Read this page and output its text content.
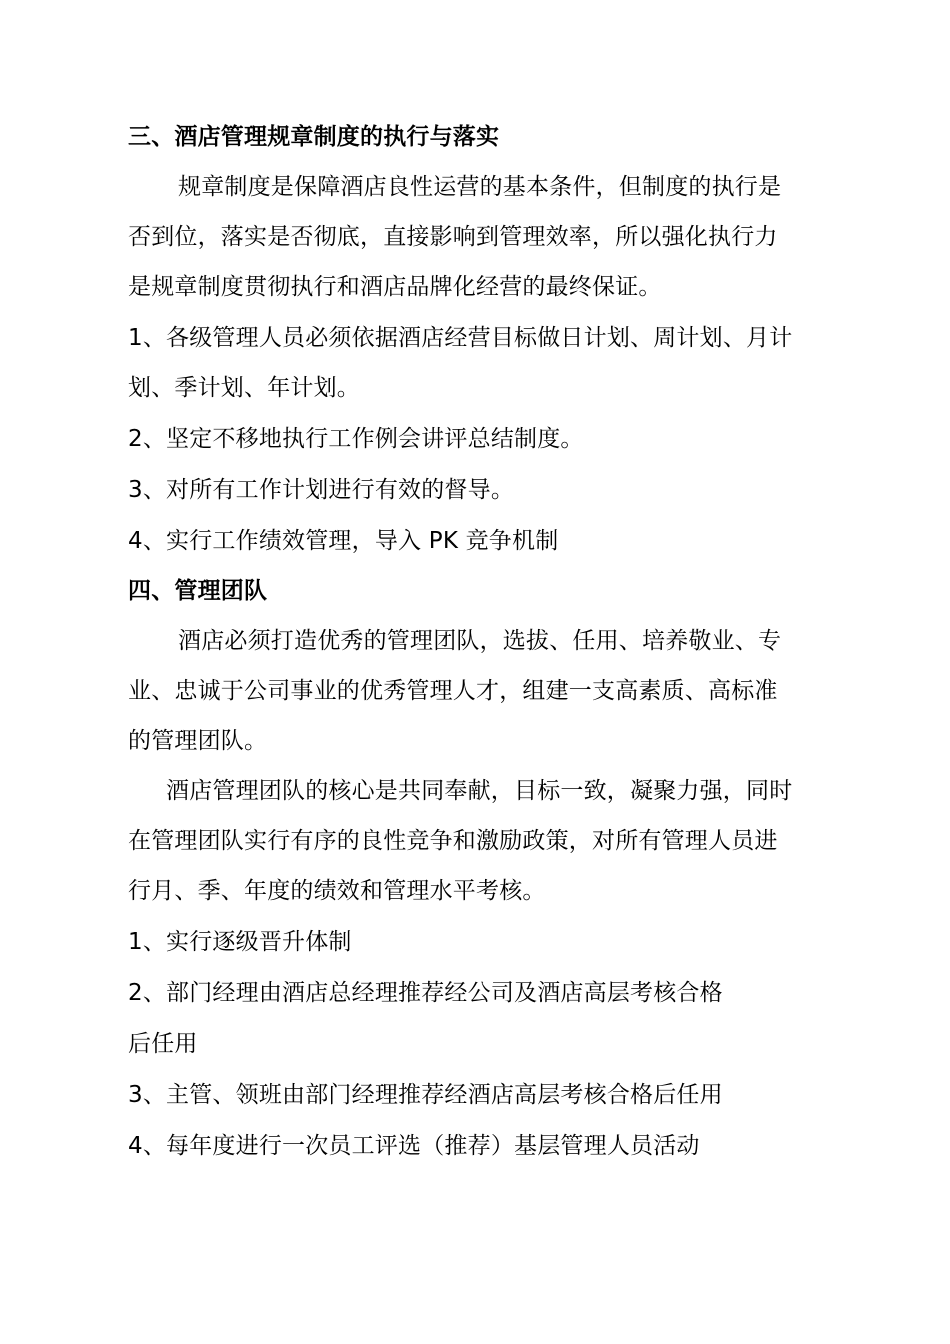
三、酒店管理规章制度的执行与落实
规章制度是保障酒店良性运营的基本条件，但制度的执行是
否到位，落实是否彻底，直接影响到管理效率，所以强化执行力
是规章制度贯彻执行和酒店品牌化经营的最终保证。
1、各级管理人员必须依据酒店经营目标做日计划、周计划、月计
划、季计划、年计划。
2、坚定不移地执行工作例会讲评总结制度。
3、对所有工作计划进行有效的督导。
4、实行工作绩效管理，导入 PK 竞争机制
四、管理团队
酒店必须打造优秀的管理团队，选拔、任用、培养敬业、专
业、忠诚于公司事业的优秀管理人才，组建一支高素质、高标准
的管理团队。
酒店管理团队的核心是共同奉献，目标一致，凝聚力强，同时
在管理团队实行有序的良性竞争和激励政策，对所有管理人员进
行月、季、年度的绩效和管理水平考核。
1、实行逐级晋升体制
2、部门经理由酒店总经理推荐经公司及酒店高层考核合格
后任用
3、主管、领班由部门经理推荐经酒店高层考核合格后任用
4、每年度进行一次员工评选（推荐）基层管理人员活动
